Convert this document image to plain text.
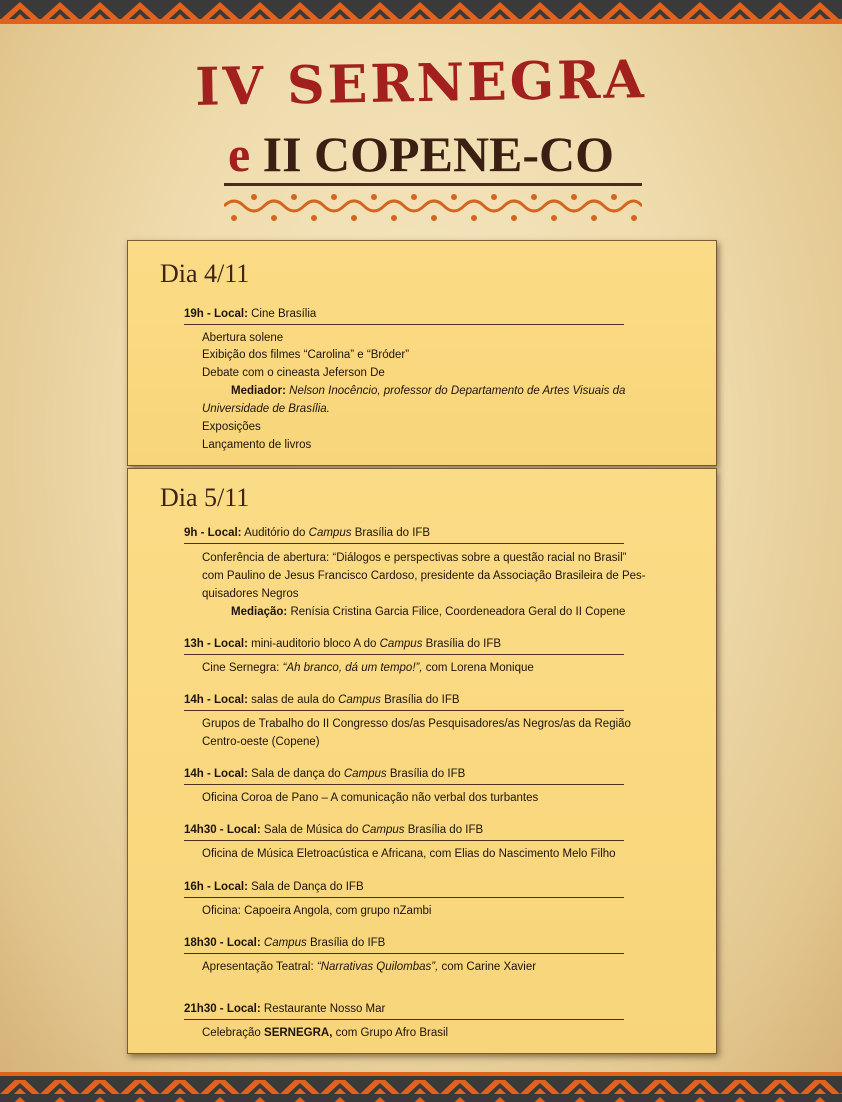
IV SERNEGRA
e II COPENE-CO
Dia 4/11
19h - Local: Cine Brasília
Abertura solene
Exibição dos filmes “Carolina” e “Bróder”
Debate com o cineasta Jeferson De
Mediador: Nelson Inocêncio, professor do Departamento de Artes Visuais da
Universidade de Brasília.
Exposições
Lançamento de livros
Dia 5/11
9h - Local: Auditório do Campus Brasília do IFB
Conferência de abertura: “Diálogos e perspectivas sobre a questão racial no Brasil”
com Paulino de Jesus Francisco Cardoso, presidente da Associação Brasileira de Pes-
quisadores Negros
Mediação: Renísia Cristina Garcia Filice, Coordeneadora Geral do II Copene
13h - Local: mini-auditorio bloco A do Campus Brasília do IFB
Cine Sernegra: “Ah branco, dá um tempo!”, com Lorena Monique
14h - Local: salas de aula do Campus Brasília do IFB
Grupos de Trabalho do II Congresso dos/as Pesquisadores/as Negros/as da Região
Centro-oeste (Copene)
14h - Local: Sala de dança do Campus Brasília do IFB
Oficina Coroa de Pano – A comunicação não verbal dos turbantes
14h30 - Local: Sala de Música do Campus Brasília do IFB
Oficina de Música Eletroacústica e Africana, com Elias do Nascimento Melo Filho
16h - Local: Sala de Dança do IFB
Oficina: Capoeira Angola, com grupo nZambi
18h30 - Local: Campus Brasília do IFB
Apresentação Teatral: “Narrativas Quilombas”, com Carine Xavier
21h30 - Local: Restaurante Nosso Mar
Celebração SERNEGRA, com Grupo Afro Brasil
